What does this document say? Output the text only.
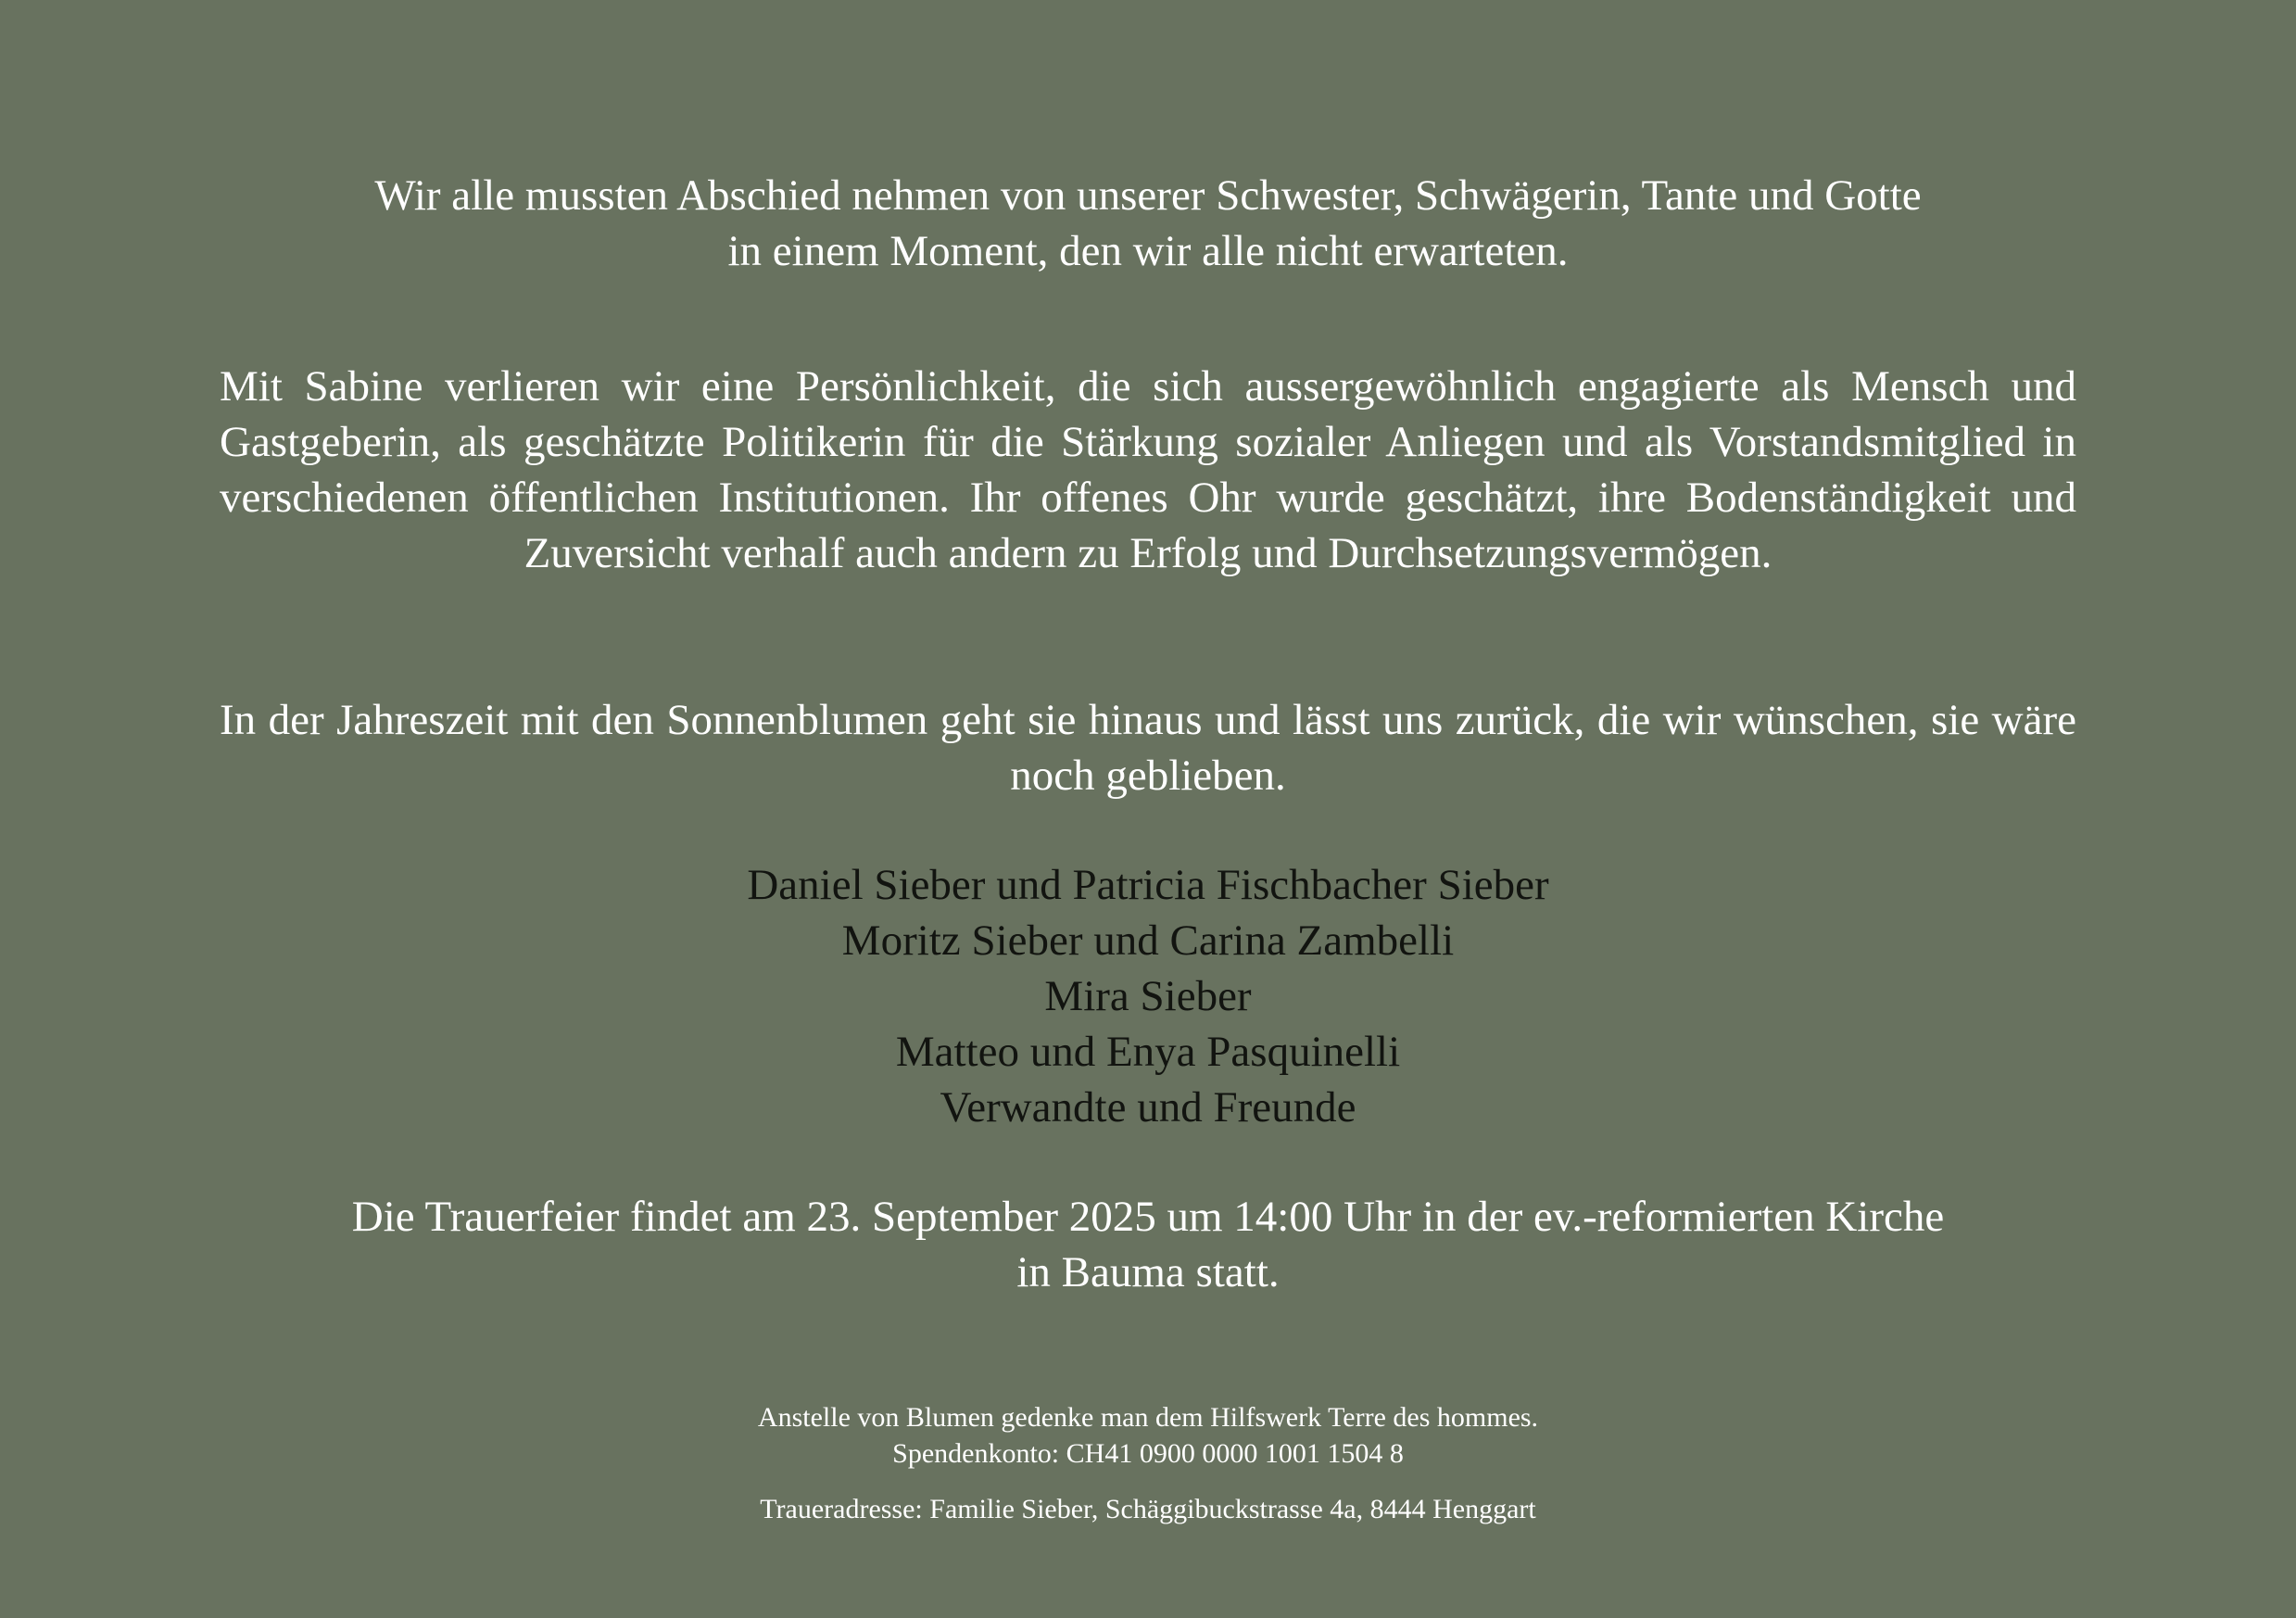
Wir alle mussten Abschied nehmen von unserer Schwester, Schwägerin, Tante und Gotte
in einem Moment, den wir alle nicht erwarteten.

Mit Sabine verlieren wir eine Persönlichkeit, die sich aussergewöhnlich engagierte als Mensch und Gastgeberin, als geschätzte Politikerin für die Stärkung sozialer Anliegen und als Vorstandsmitglied in verschiedenen öffentlichen Institutionen. Ihr offenes Ohr wurde geschätzt, ihre Bodenständigkeit und Zuversicht verhalf auch andern zu Erfolg und Durchsetzungsvermögen.

In der Jahreszeit mit den Sonnenblumen geht sie hinaus und lässt uns zurück, die wir wünschen, sie wäre noch geblieben.

Daniel Sieber und Patricia Fischbacher Sieber
Moritz Sieber und Carina Zambelli
Mira Sieber
Matteo und Enya Pasquinelli
Verwandte und Freunde

Die Trauerfeier findet am 23. September 2025 um 14:00 Uhr in der ev.-reformierten Kirche
in Bauma statt.

Anstelle von Blumen gedenke man dem Hilfswerk Terre des hommes.
Spendenkonto: CH41 0900 0000 1001 1504 8
Traueradresse: Familie Sieber, Schäggibuckstrasse 4a, 8444 Henggart
